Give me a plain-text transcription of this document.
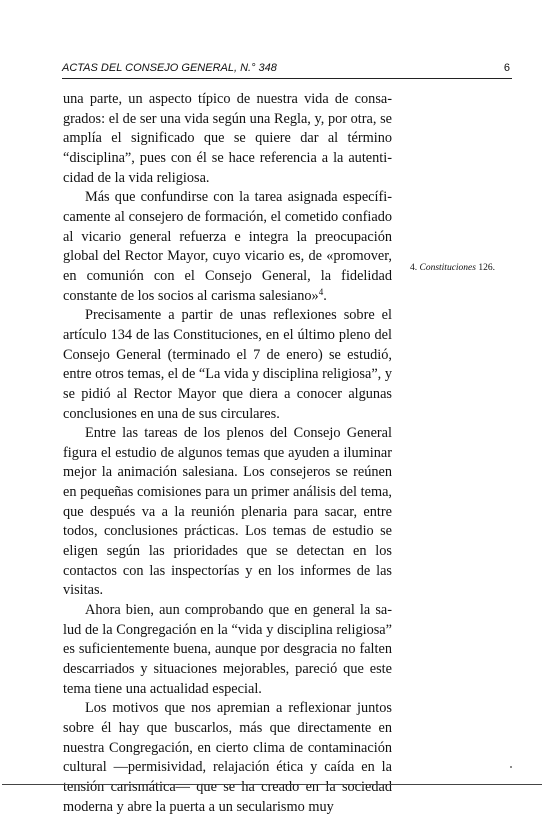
ACTAS DEL CONSEJO GENERAL, N.° 348	6

una parte, un aspecto típico de nuestra vida de consagrados: el de ser una vida según una Regla, y, por otra, se amplía el significado que se quiere dar al término “disciplina”, pues con él se hace referencia a la autenticidad de la vida religiosa.

Más que confundirse con la tarea asignada específicamente al consejero de formación, el cometido confiado al vicario general refuerza e integra la preocupación global del Rector Mayor, cuyo vicario es, de «promover, en comunión con el Consejo General, la fidelidad constante de los socios al carisma salesiano»$^4$.

Precisamente a partir de unas reflexiones sobre el artículo 134 de las Constituciones, en el último pleno del Consejo General (terminado el 7 de enero) se estudió, entre otros temas, el de “La vida y disciplina religiosa”, y se pidió al Rector Mayor que diera a conocer algunas conclusiones en una de sus circulares.

Entre las tareas de los plenos del Consejo General figura el estudio de algunos temas que ayuden a iluminar mejor la animación salesiana. Los consejeros se reúnen en pequeñas comisiones para un primer análisis del tema, que después va a la reunión plenaria para sacar, entre todos, conclusiones prácticas. Los temas de estudio se eligen según las prioridades que se detectan en los contactos con las inspectorías y en los informes de las visitas.

Ahora bien, aun comprobando que en general la salud de la Congregación en la “vida y disciplina religiosa” es suficientemente buena, aunque por desgracia no falten descarriados y situaciones mejorables, pareció que este tema tiene una actualidad especial.

Los motivos que nos apremian a reflexionar juntos sobre él hay que buscarlos, más que directamente en nuestra Congregación, en cierto clima de contaminación cultural —permisividad, relajación ética y caída en la tensión carismática— que se ha creado en la sociedad moderna y abre la puerta a un secularismo muy

4. Constituciones 126.
